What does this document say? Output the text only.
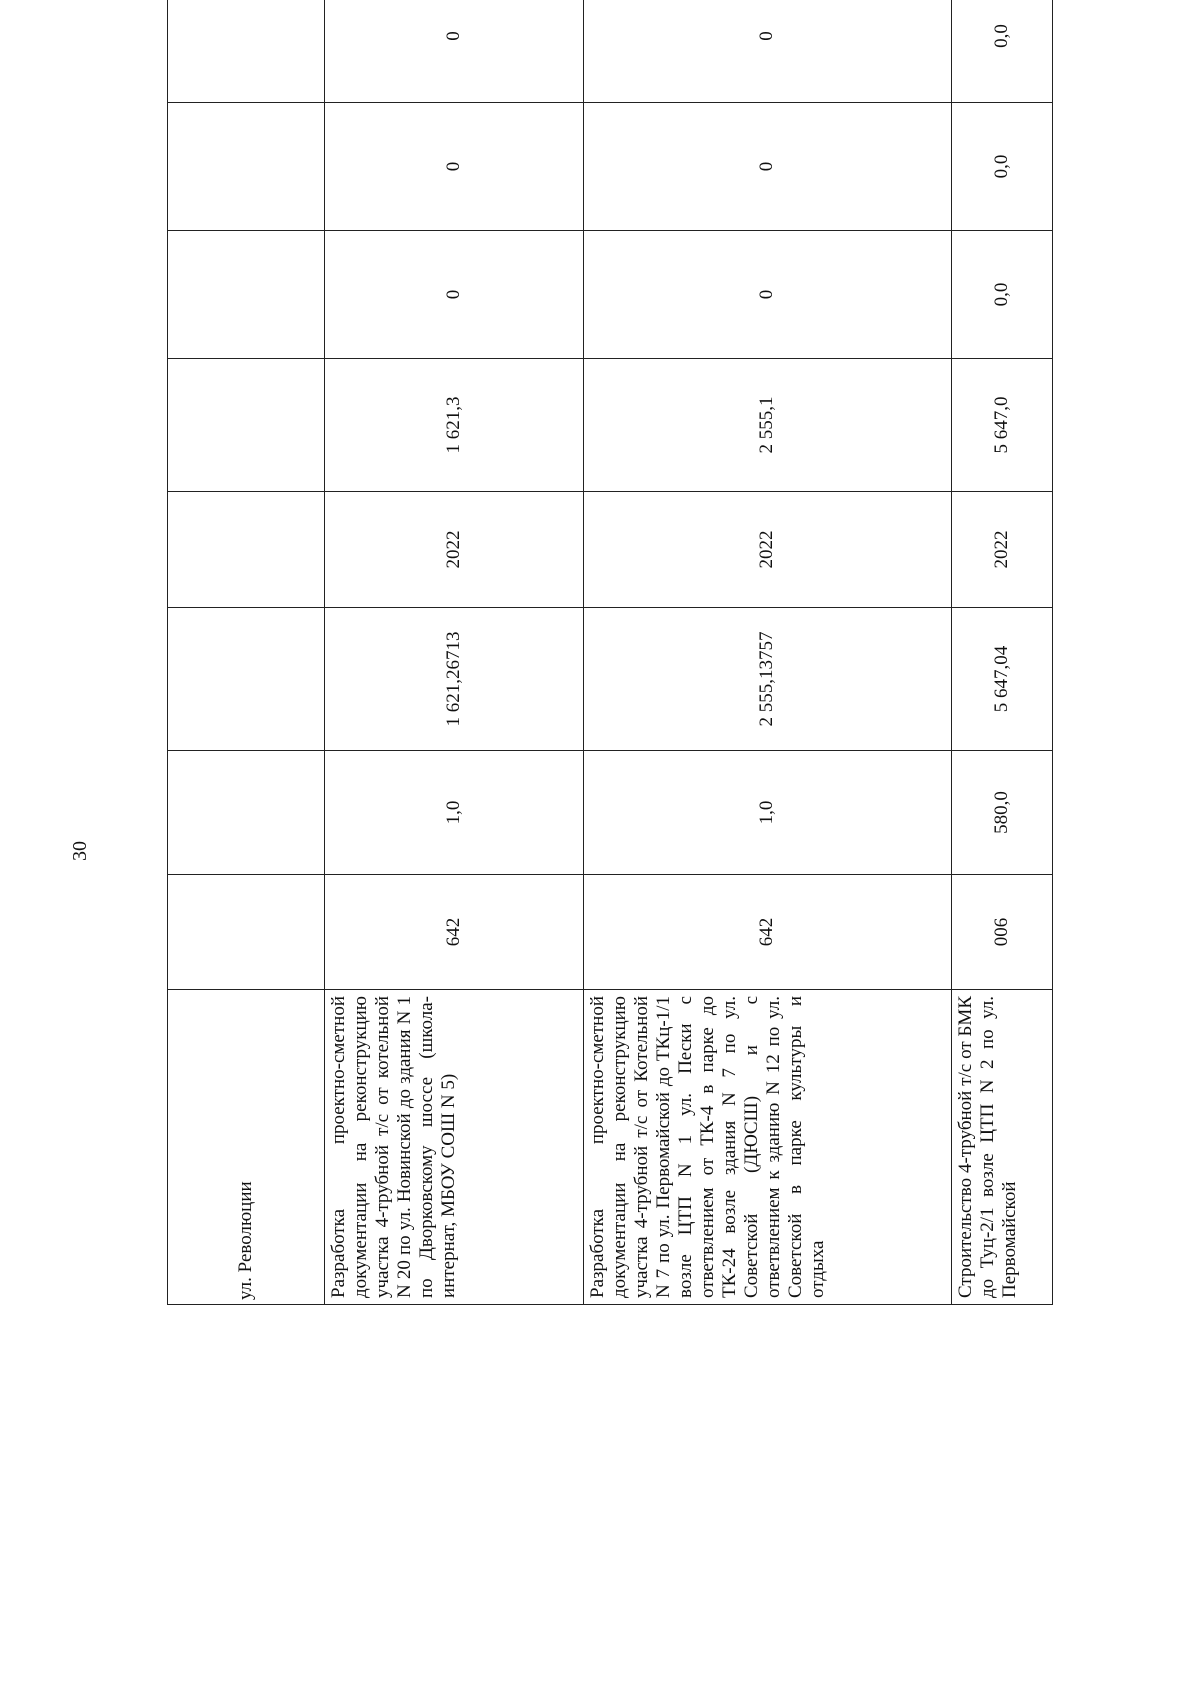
30
ул. Революции									
Разработка проектно-сметной документации на реконструкцию участка 4-трубной т/с от котельной N 20 по ул. Новинской до здания N 1 по Дворковскому шоссе (школа-интернат, МБОУ СОШ N 5)	642	1,0	1 621,26713	2022	1 621,3	0	0	0	
Разработка проектно-сметной документации на реконструкцию участка 4-трубной т/с от Котельной N 7 по ул. Первомайской до ТКц-1/1 возле ЦТП N 1 ул. Пески с ответвлением от ТК-4 в парке до ТК-24 возле здания N 7 по ул. Советской (ДЮСШ) и с ответвлением к зданию N 12 по ул. Советской в парке культуры и отдыха	642	1,0	2 555,13757	2022	2 555,1	0	0	0	
Строительство 4-трубной т/с от БМК до Туц-2/1 возле ЦТП N 2 по ул. Первомайской	006	580,0	5 647,04	2022	5 647,0	0,0	0,0	0,0	
